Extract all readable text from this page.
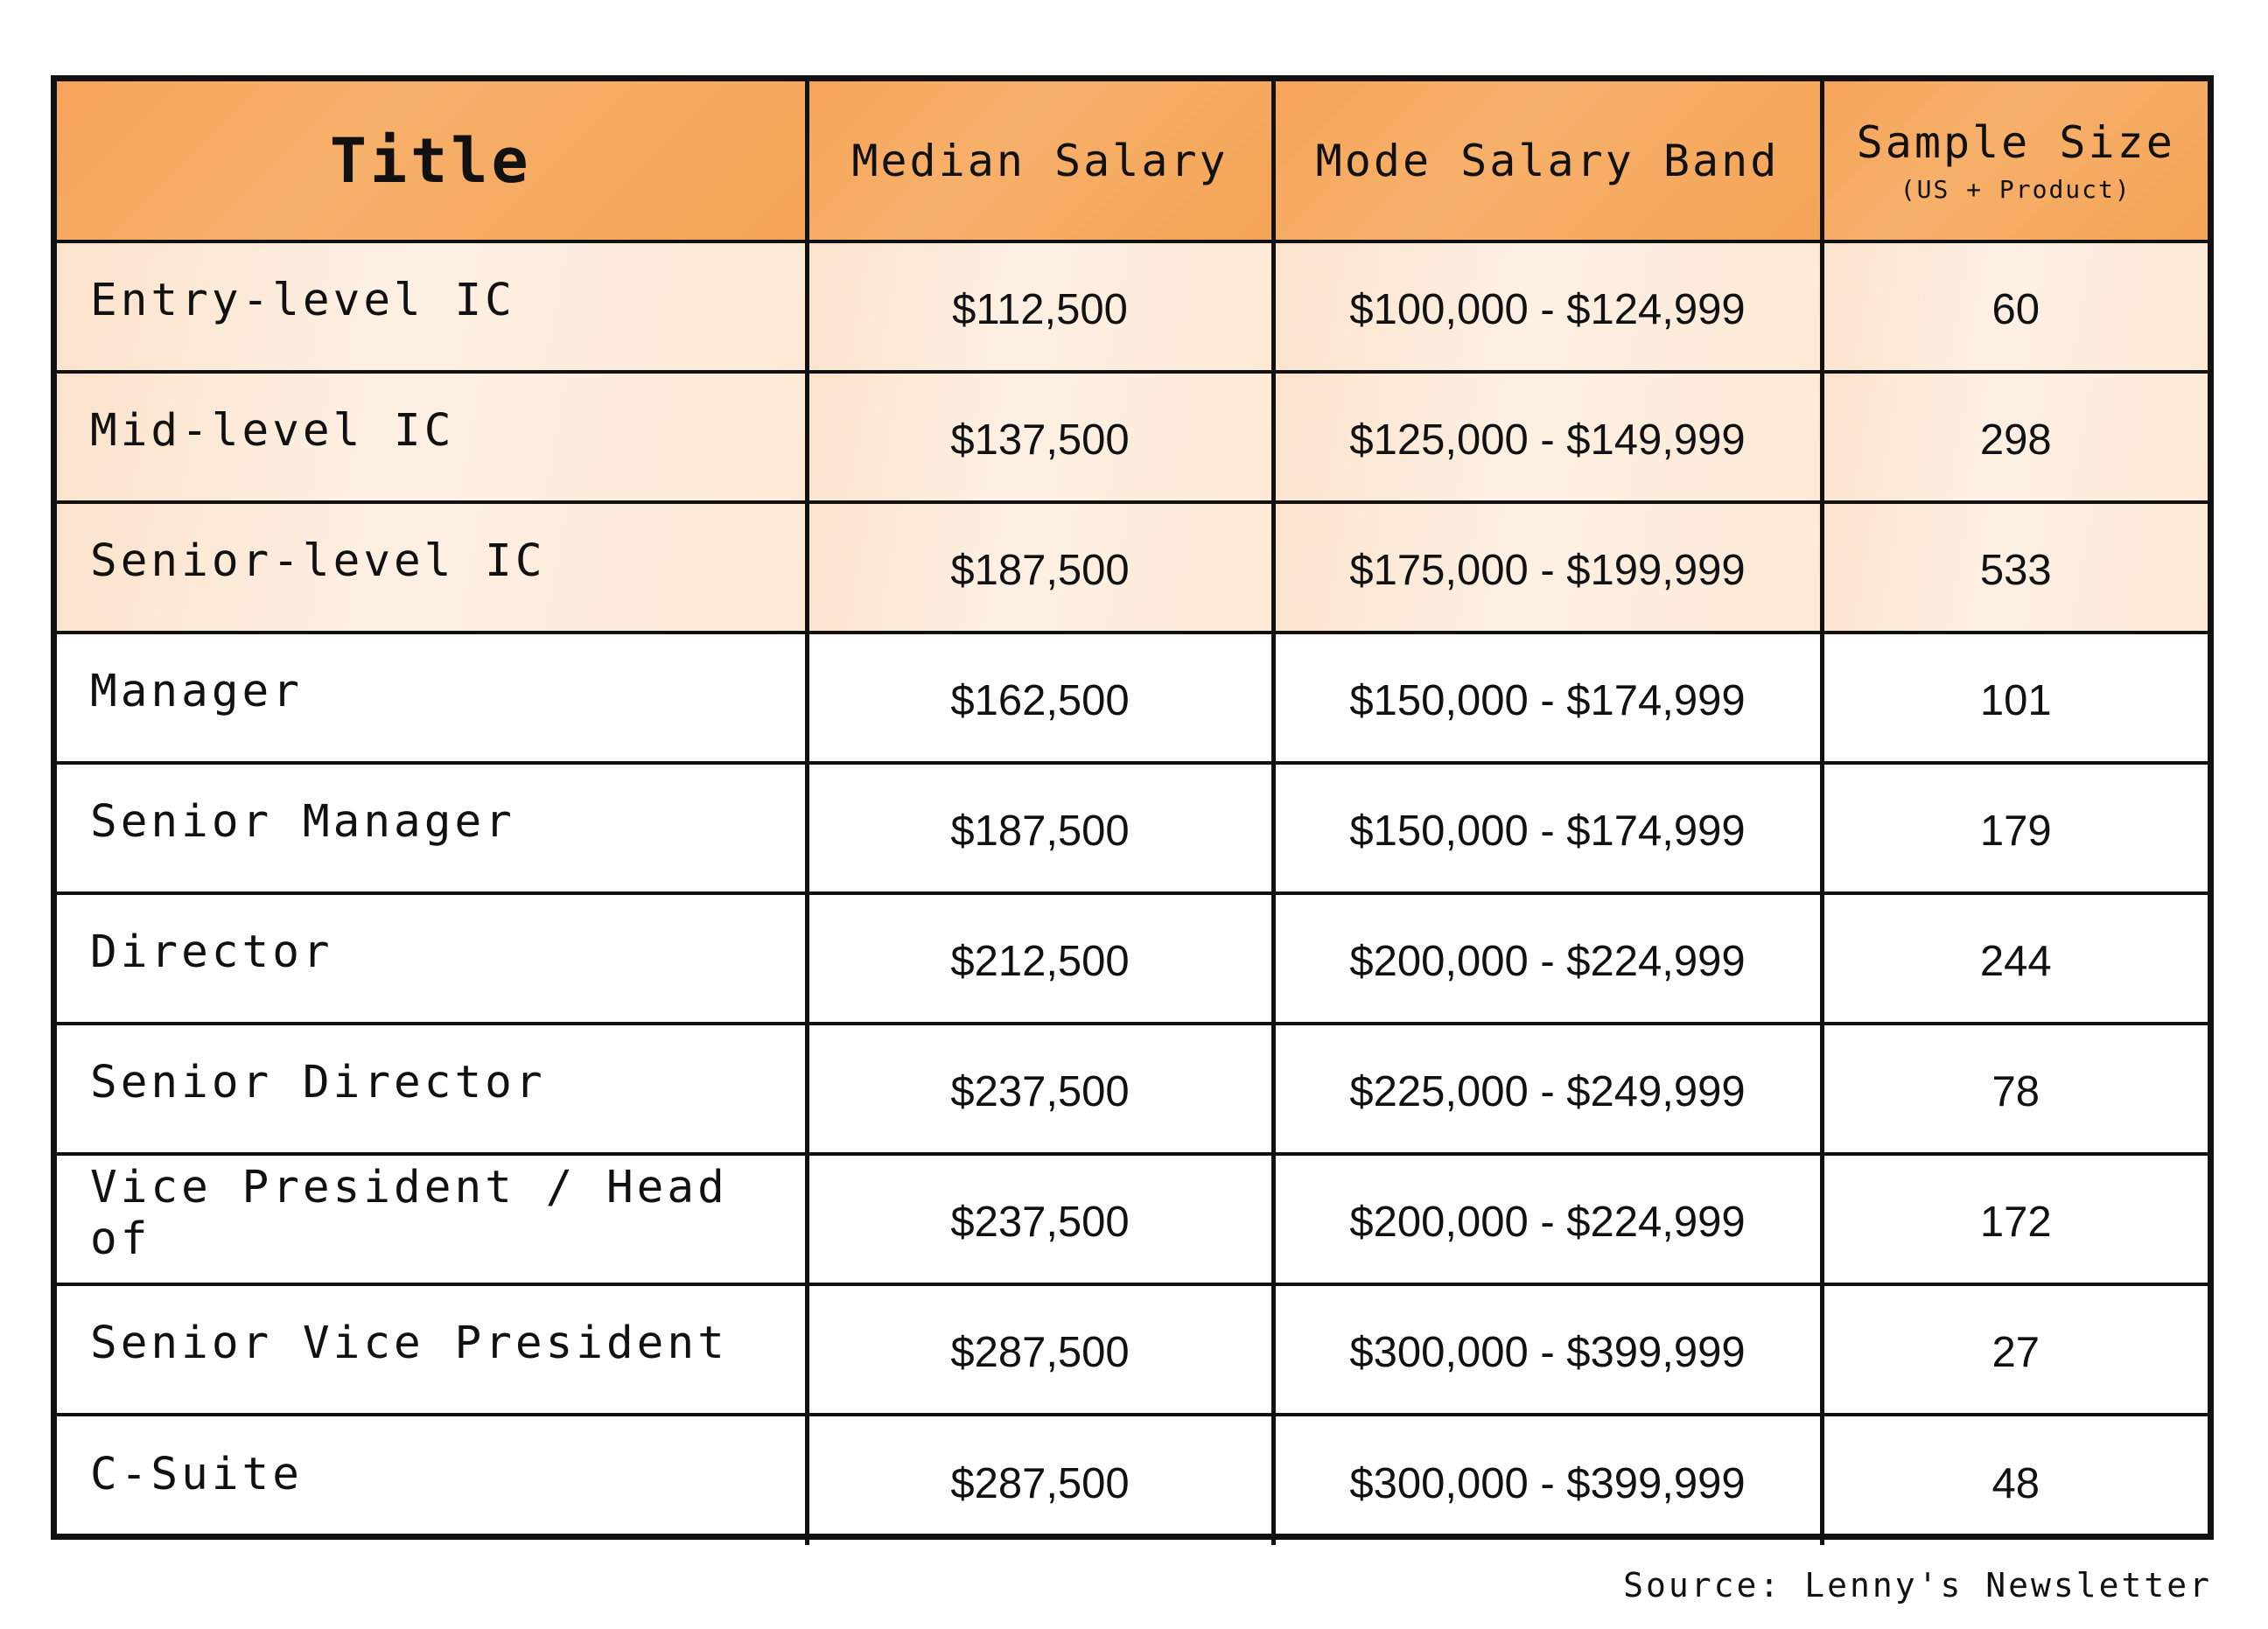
Title	Median Salary	Mode Salary Band	Sample Size
(US + Product)

Entry-level IC	$112,500	$100,000 - $124,999	60
Mid-level IC	$137,500	$125,000 - $149,999	298
Senior-level IC	$187,500	$175,000 - $199,999	533
Manager	$162,500	$150,000 - $174,999	101
Senior Manager	$187,500	$150,000 - $174,999	179
Director	$212,500	$200,000 - $224,999	244
Senior Director	$237,500	$225,000 - $249,999	78
Vice President / Head of	$237,500	$200,000 - $224,999	172
Senior Vice President	$287,500	$300,000 - $399,999	27
C-Suite	$287,500	$300,000 - $399,999	48
Source: Lenny's Newsletter
